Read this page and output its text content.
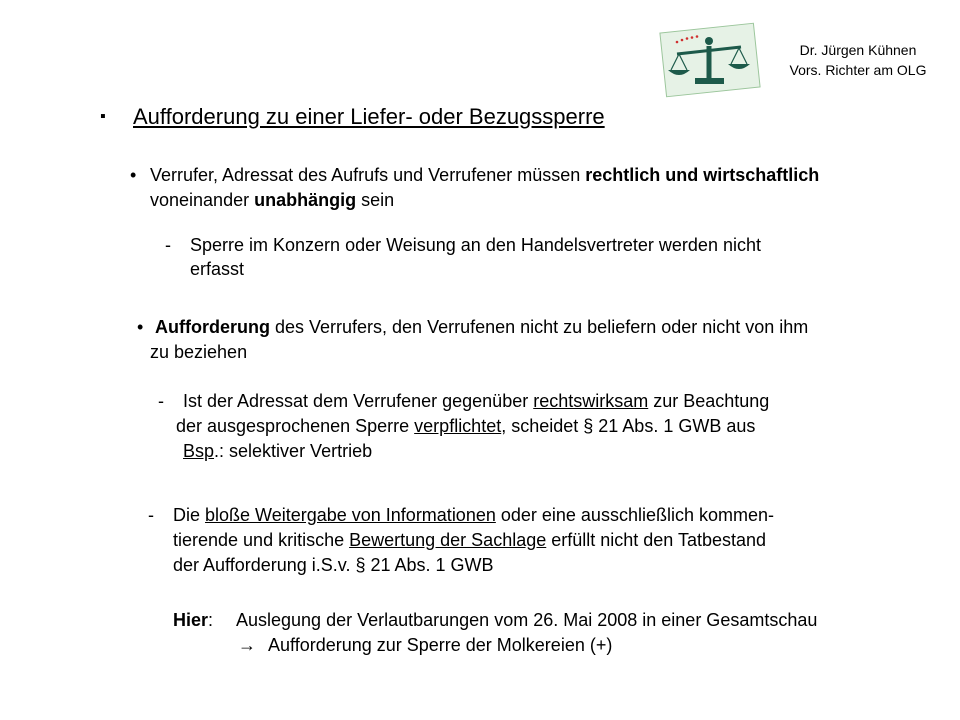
Dr. Jürgen Kühnen
Vors. Richter am OLG
▪ Aufforderung zu einer Liefer- oder Bezugssperre
• Verrufer, Adressat des Aufrufs und Verrufener müssen rechtlich und wirtschaftlich
voneinander unabhängig sein
- Sperre im Konzern oder Weisung an den Handelsvertreter werden nicht
erfasst
• Aufforderung des Verrufers, den Verrufenen nicht zu beliefern oder nicht von ihm
zu beziehen
- Ist der Adressat dem Verrufener gegenüber rechtswirksam zur Beachtung
der ausgesprochenen Sperre verpflichtet, scheidet § 21 Abs. 1 GWB aus
Bsp.: selektiver Vertrieb
- Die bloße Weitergabe von Informationen oder eine ausschließlich kommen-
tierende und kritische Bewertung der Sachlage erfüllt nicht den Tatbestand
der Aufforderung i.S.v. § 21 Abs. 1 GWB
Hier: Auslegung der Verlautbarungen vom 26. Mai 2008 in einer Gesamtschau
→ Aufforderung zur Sperre der Molkereien (+)
